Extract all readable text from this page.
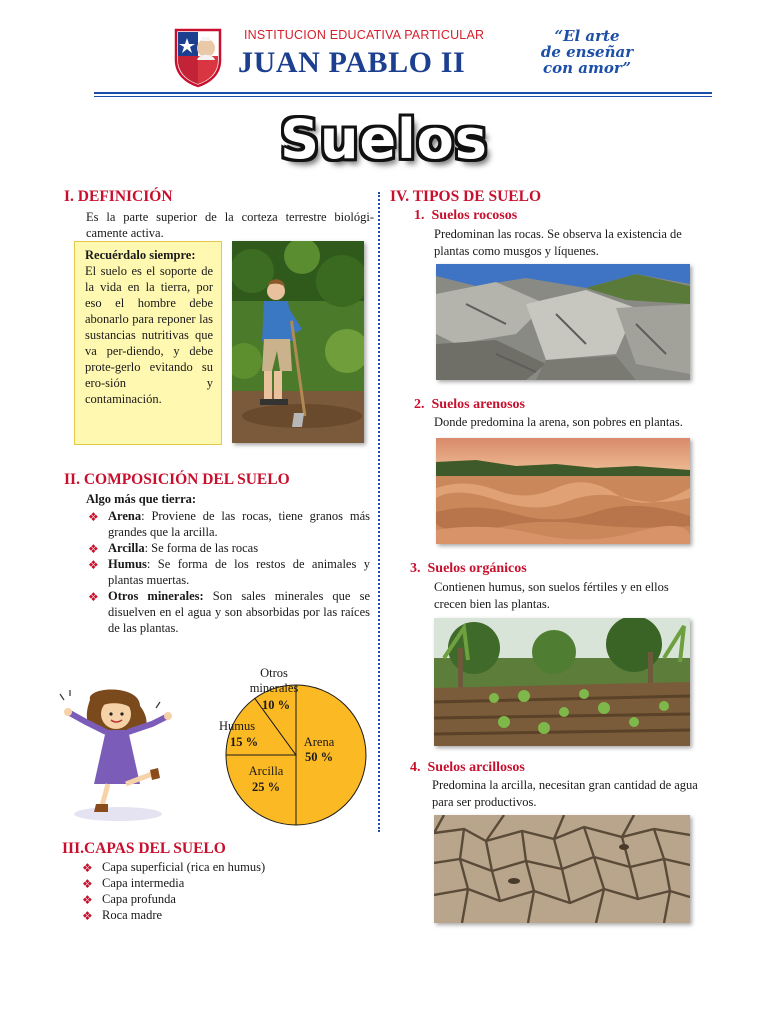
INSTITUCION EDUCATIVA PARTICULAR
JUAN PABLO II
“El arte
de enseñar
con amor”
Suelos
I. DEFINICIÓN
Es la parte superior de la corteza terrestre biológi-camente activa.
Recuérdalo siempre:
El suelo es el soporte de la vida en la tierra, por eso el hombre debe abonarlo para reponer las sustancias nutritivas que va per-diendo, y debe prote-gerlo evitando su ero-sión y contaminación.
II. COMPOSICIÓN DEL SUELO
Algo más que tierra:
❖ Arena: Proviene de las rocas, tiene granos más grandes que la arcilla.
❖ Arcilla: Se forma de las rocas
❖ Humus: Se forma de los restos de animales y plantas muertas.
❖ Otros minerales: Son sales minerales que se disuelven en el agua y son absorbidas por las raíces de las plantas.
Otros minerales
10 %
Humus
15 %	Arena
50 %
Arcilla
25 %
III.CAPAS DEL SUELO
❖ Capa superficial (rica en humus)
❖ Capa intermedia
❖ Capa profunda
❖ Roca madre
IV. TIPOS DE SUELO
1. Suelos rocosos
Predominan las rocas. Se observa la existencia de plantas como musgos y líquenes.
2. Suelos arenosos
Donde predomina la arena, son pobres en plantas.
3. Suelos orgánicos
Contienen humus, son suelos fértiles y en ellos crecen bien las plantas.
4. Suelos arcillosos
Predomina la arcilla, necesitan gran cantidad de agua para ser productivos.
